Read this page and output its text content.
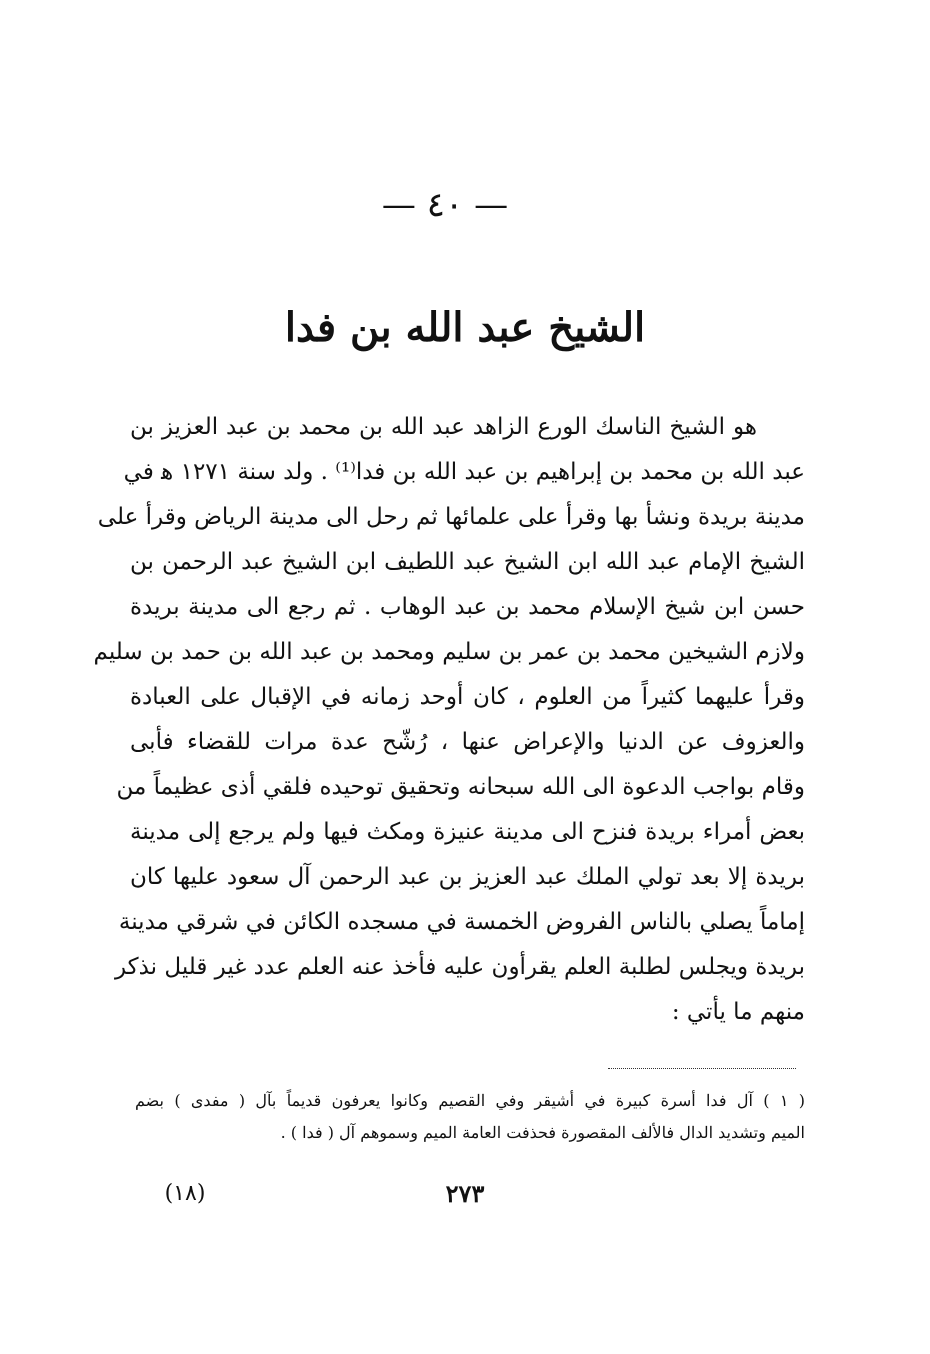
— ٤٠ —
الشيخ عبد الله بن فدا
هو الشيخ الناسك الورع الزاهد عبد الله بن محمد بن عبد العزيز بن
عبد الله بن محمد بن إبراهيم بن عبد الله بن فدا⁽¹⁾ . ولد سنة ١٢٧١ ﻫ في
مدينة بريدة ونشأ بها وقرأ على علمائها ثم رحل الى مدينة الرياض وقرأ على
الشيخ الإمام عبد الله ابن الشيخ عبد اللطيف ابن الشيخ عبد الرحمن بن
حسن ابن شيخ الإسلام محمد بن عبد الوهاب . ثم رجع الى مدينة بريدة
ولازم الشيخين محمد بن عمر بن سليم ومحمد بن عبد الله بن حمد بن سليم
وقرأ عليهما كثيراً من العلوم ، كان أوحد زمانه في الإقبال على العبادة
والعزوف عن الدنيا والإعراض عنها ، رُشّح عدة مرات للقضاء فأبى
وقام بواجب الدعوة الى الله سبحانه وتحقيق توحيده فلقي أذى عظيماً من
بعض أمراء بريدة فنزح الى مدينة عنيزة ومكث فيها ولم يرجع إلى مدينة
بريدة إلا بعد تولي الملك عبد العزيز بن عبد الرحمن آل سعود عليها كان
إماماً يصلي بالناس الفروض الخمسة في مسجده الكائن في شرقي مدينة
بريدة ويجلس لطلبة العلم يقرأون عليه فأخذ عنه العلم عدد غير قليل نذكر
منهم ما يأتي :
( ١ ) آل فدا أسرة كبيرة في أشيقر وفي القصيم وكانوا يعرفون قديماً بآل ( مفدى ) بضم
الميم وتشديد الدال فالألف المقصورة فحذفت العامة الميم وسموهم آل ( فدا ) .
٢٧٣
(١٨)
